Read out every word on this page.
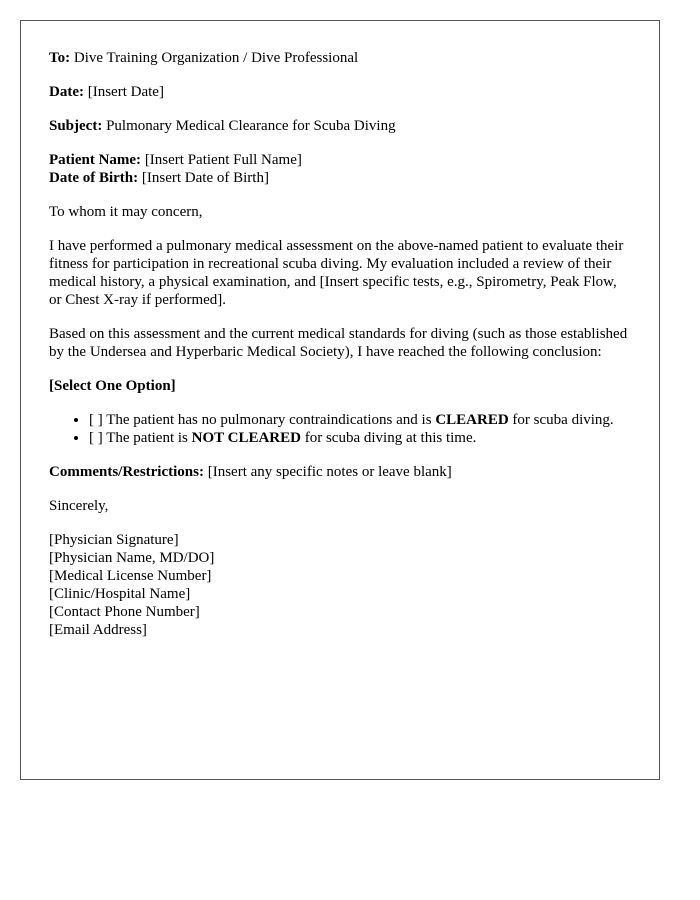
To: Dive Training Organization / Dive Professional

Date: [Insert Date]

Subject: Pulmonary Medical Clearance for Scuba Diving

Patient Name: [Insert Patient Full Name]

Date of Birth: [Insert Date of Birth]

To whom it may concern,

I have performed a pulmonary medical assessment on the above-named patient to evaluate their fitness for participation in recreational scuba diving. My evaluation included a review of their medical history, a physical examination, and [Insert specific tests, e.g., Spirometry, Peak Flow, or Chest X-ray if performed].

Based on this assessment and the current medical standards for diving (such as those established by the Undersea and Hyperbaric Medical Society), I have reached the following conclusion:

[Select One Option]

• [ ] The patient has no pulmonary contraindications and is CLEARED for scuba diving.
• [ ] The patient is NOT CLEARED for scuba diving at this time.

Comments/Restrictions: [Insert any specific notes or leave blank]

Sincerely,

[Physician Signature]
[Physician Name, MD/DO]
[Medical License Number]
[Clinic/Hospital Name]
[Contact Phone Number]
[Email Address]
